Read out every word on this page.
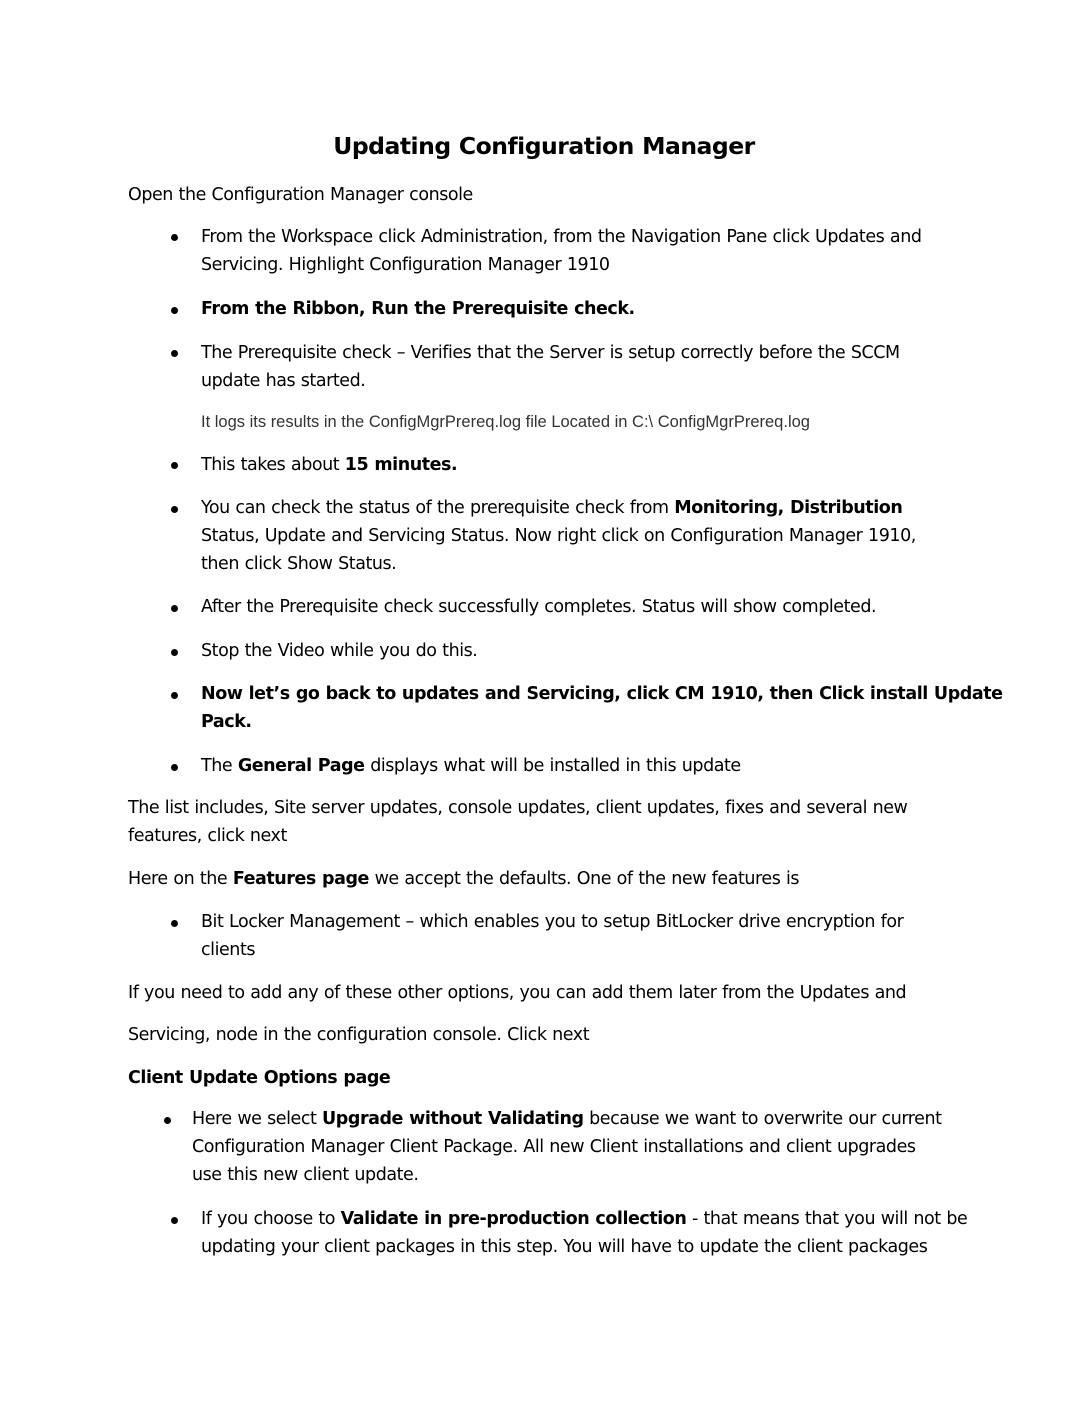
Updating Configuration Manager
Open the Configuration Manager console
From the Workspace click Administration, from the Navigation Pane click Updates and
Servicing. Highlight Configuration Manager 1910
From the Ribbon, Run the Prerequisite check.
The Prerequisite check – Verifies that the Server is setup correctly before the SCCM
update has started.
It logs its results in the ConfigMgrPrereq.log file Located in C:\ ConfigMgrPrereq.log
This takes about 15 minutes.
You can check the status of the prerequisite check from Monitoring, Distribution
Status, Update and Servicing Status. Now right click on Configuration Manager 1910,
then click Show Status.
After the Prerequisite check successfully completes. Status will show completed.
Stop the Video while you do this.
Now let’s go back to updates and Servicing, click CM 1910, then Click install Update
Pack.
The General Page displays what will be installed in this update
The list includes, Site server updates, console updates, client updates, fixes and several new
features, click next
Here on the Features page we accept the defaults. One of the new features is
Bit Locker Management – which enables you to setup BitLocker drive encryption for
clients
If you need to add any of these other options, you can add them later from the Updates and
Servicing, node in the configuration console. Click next
Client Update Options page
Here we select Upgrade without Validating because we want to overwrite our current
Configuration Manager Client Package. All new Client installations and client upgrades
use this new client update.
If you choose to Validate in pre-production collection - that means that you will not be
updating your client packages in this step. You will have to update the client packages
